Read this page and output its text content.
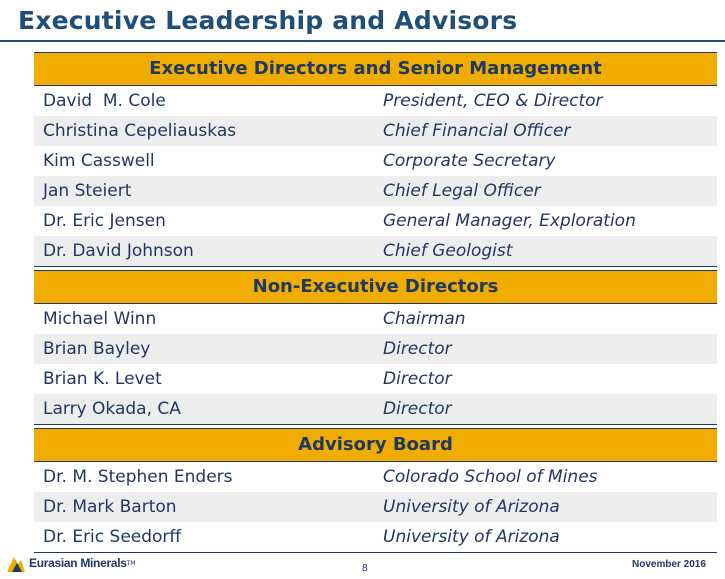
Executive Leadership and Advisors
Executive Directors and Senior Management
David  M. Cole	President, CEO & Director
Christina Cepeliauskas	Chief Financial Officer
Kim Casswell	Corporate Secretary
Jan Steiert	Chief Legal Officer
Dr. Eric Jensen	General Manager, Exploration
Dr. David Johnson	Chief Geologist
Non-Executive Directors
Michael Winn	Chairman
Brian Bayley	Director
Brian K. Levet	Director
Larry Okada, CA	Director
Advisory Board
Dr. M. Stephen Enders	Colorado School of Mines
Dr. Mark Barton	University of Arizona
Dr. Eric Seedorff	University of Arizona
Eurasian Minerals TM	8	November 2016
